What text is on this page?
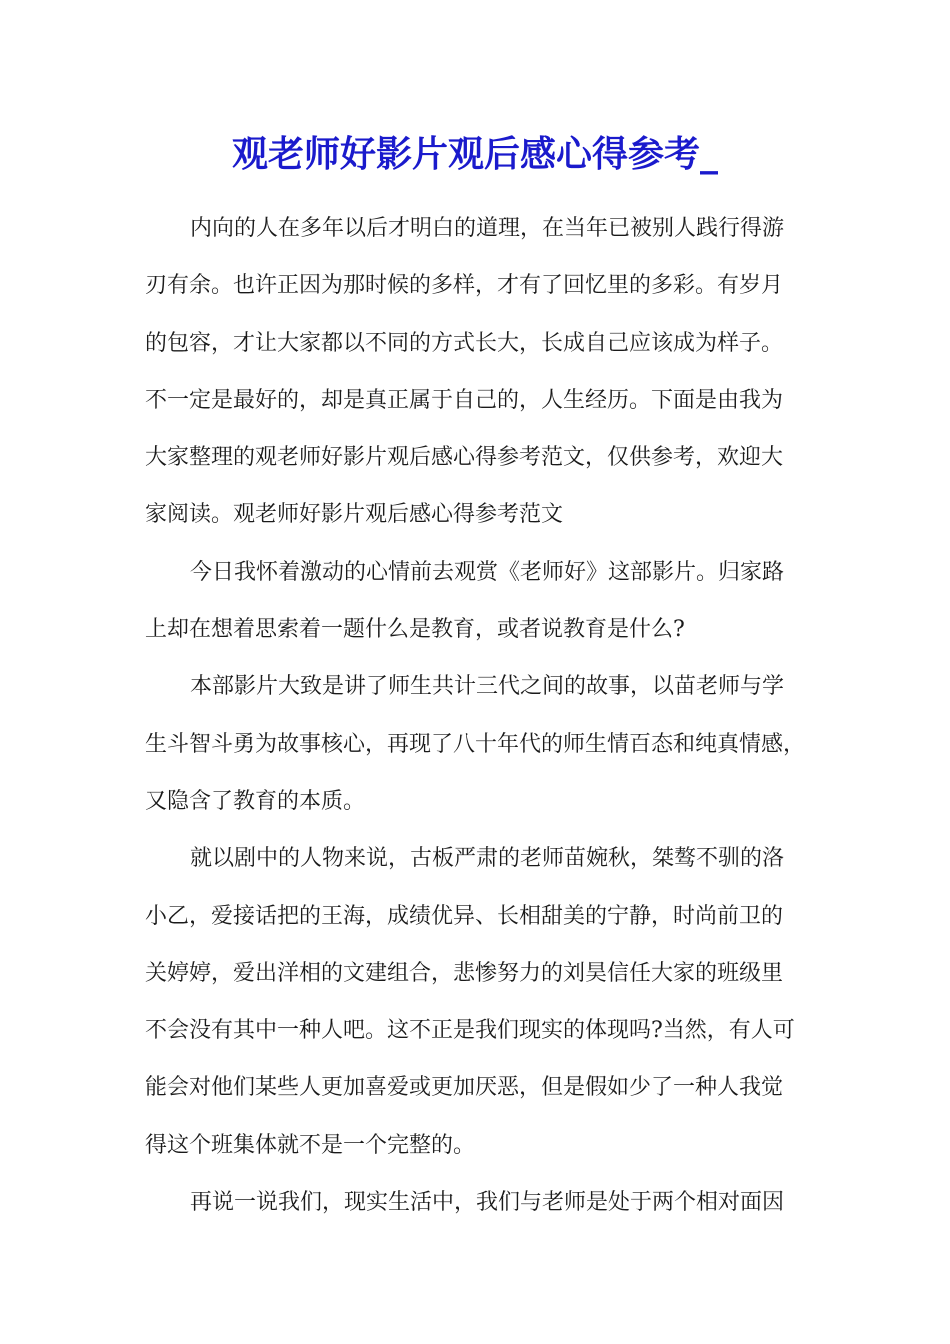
观老师好影片观后感心得参考_
内向的人在多年以后才明白的道理，在当年已被别人践行得游
刃有余。也许正因为那时候的多样，才有了回忆里的多彩。有岁月
的包容，才让大家都以不同的方式长大，长成自己应该成为样子。
不一定是最好的，却是真正属于自己的，人生经历。下面是由我为
大家整理的观老师好影片观后感心得参考范文，仅供参考，欢迎大
家阅读。观老师好影片观后感心得参考范文
今日我怀着激动的心情前去观赏《老师好》这部影片。归家路
上却在想着思索着一题什么是教育，或者说教育是什么?
本部影片大致是讲了师生共计三代之间的故事，以苗老师与学
生斗智斗勇为故事核心，再现了八十年代的师生情百态和纯真情感，
又隐含了教育的本质。
就以剧中的人物来说，古板严肃的老师苗婉秋，桀骜不驯的洛
小乙，爱接话把的王海，成绩优异、长相甜美的宁静，时尚前卫的
关婷婷，爱出洋相的文建组合，悲惨努力的刘昊信任大家的班级里
不会没有其中一种人吧。这不正是我们现实的体现吗?当然，有人可
能会对他们某些人更加喜爱或更加厌恶，但是假如少了一种人我觉
得这个班集体就不是一个完整的。
再说一说我们，现实生活中，我们与老师是处于两个相对面因
